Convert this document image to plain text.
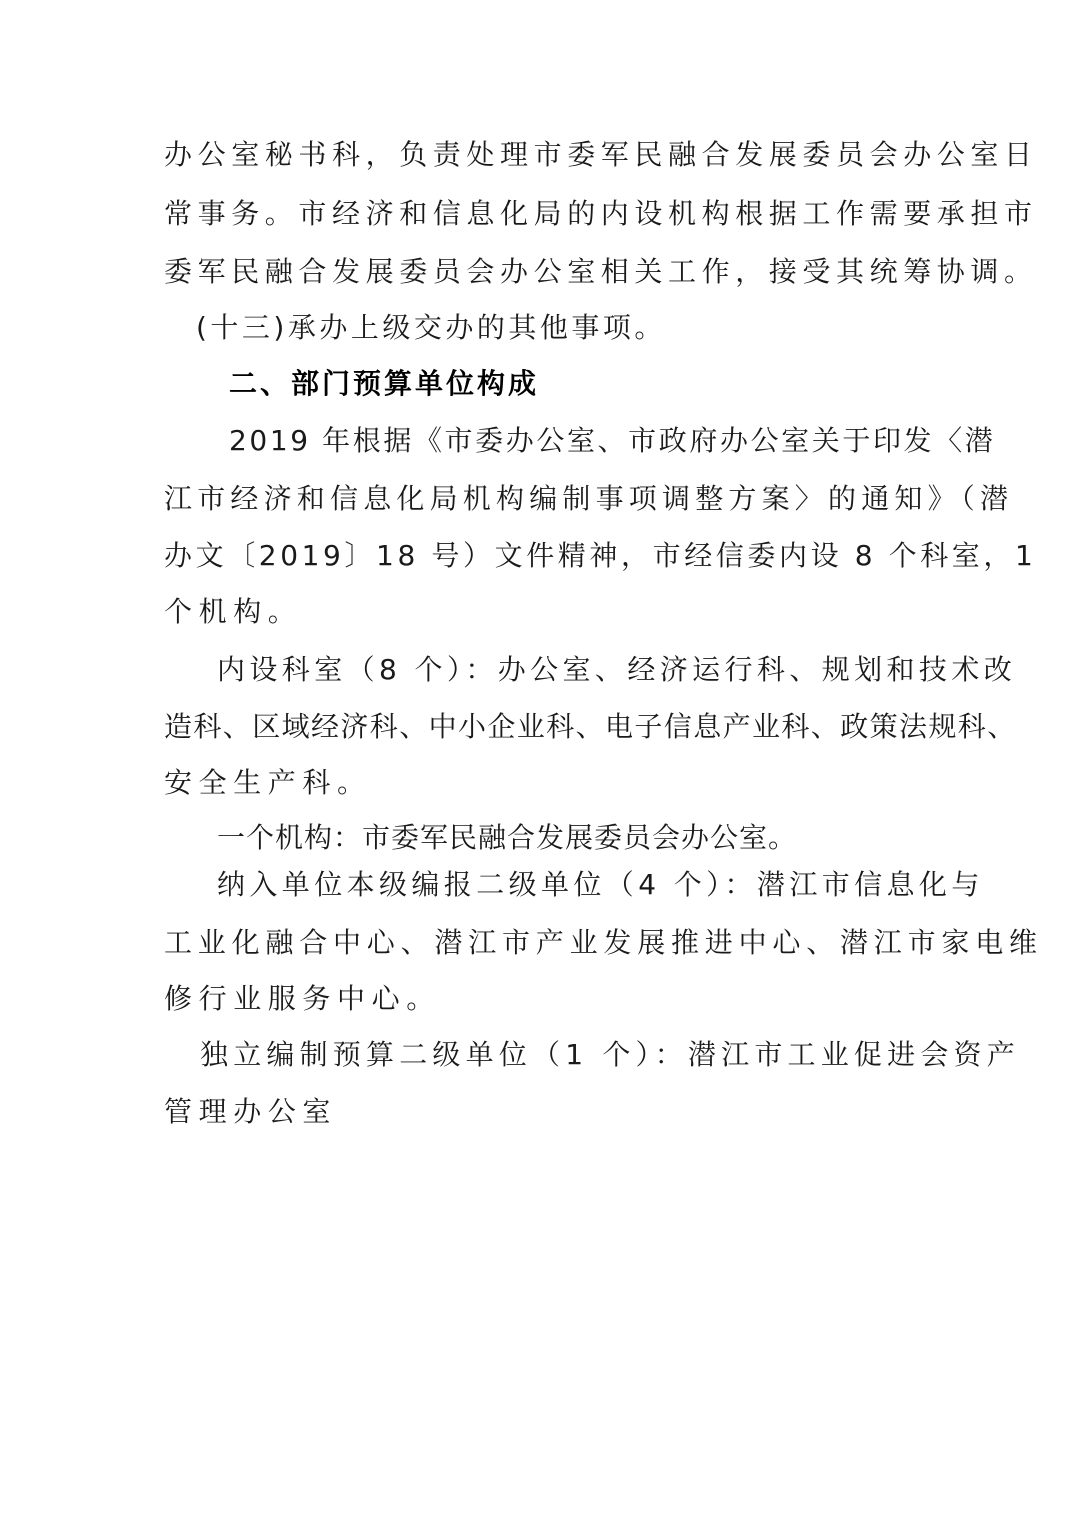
办公室秘书科，负责处理市委军民融合发展委员会办公室日
常事务。市经济和信息化局的内设机构根据工作需要承担市
委军民融合发展委员会办公室相关工作，接受其统筹协调。
(十三)承办上级交办的其他事项。
二、部门预算单位构成
2019 年根据《市委办公室、市政府办公室关于印发〈潜
江市经济和信息化局机构编制事项调整方案〉的通知》（潜
办文〔2019〕18 号）文件精神，市经信委内设 8 个科室，1
个机构。
内设科室（8 个）：办公室、经济运行科、规划和技术改
造科、区域经济科、中小企业科、电子信息产业科、政策法规科、
安全生产科。
一个机构：市委军民融合发展委员会办公室。
纳入单位本级编报二级单位（4 个）：潜江市信息化与
工业化融合中心、潜江市产业发展推进中心、潜江市家电维
修行业服务中心。
独立编制预算二级单位（1 个）：潜江市工业促进会资产
管理办公室
